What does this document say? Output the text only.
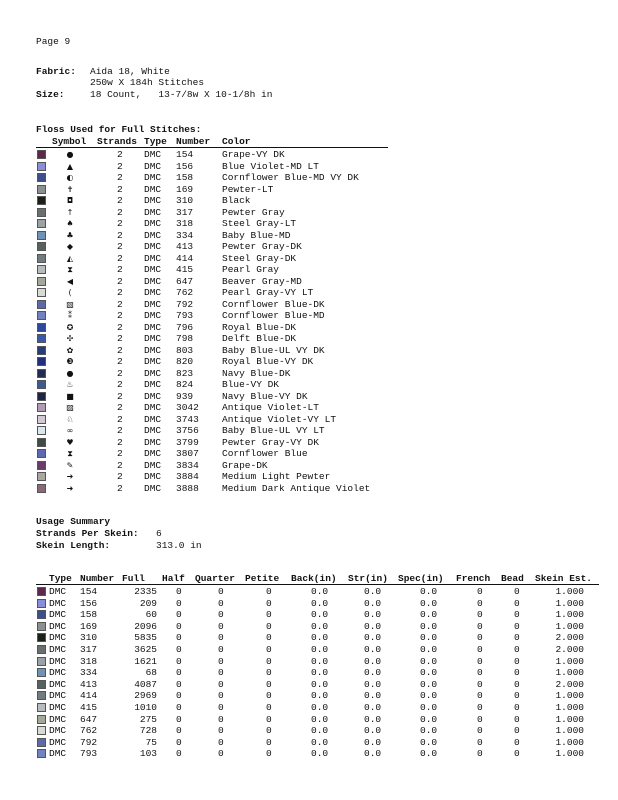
Page 9
Fabric: Aida 18, White
250w X 184h Stitches
Size:	18 Count,   13-7/8w X 10-1/8h in
Floss Used for Full Stitches:
Symbol Strands Type Number Color
●	2 DMC 154	Grape-VY DK
▲	2 DMC 156	Blue Violet-MD LT
◐	2 DMC 158	Cornflower Blue-MD VY DK
✝	2 DMC 169	Pewter-LT
◘	2 DMC 310	Black
↑	2 DMC 317	Pewter Gray
♠	2 DMC 318	Steel Gray-LT
♣	2 DMC 334	Baby Blue-MD
◆	2 DMC 413	Pewter Gray-DK
◭	2 DMC 414	Steel Gray-DK
⧗	2 DMC 415	Pearl Gray
◀	2 DMC 647	Beaver Gray-MD
(	2 DMC 762	Pearl Gray-VY LT
▧	2 DMC 792	Cornflower Blue-DK
⁑	2 DMC 793	Cornflower Blue-MD
✪	2 DMC 796	Royal Blue-DK
✣	2 DMC 798	Delft Blue-DK
✿	2 DMC 803	Baby Blue-UL VY DK
❸	2 DMC 820	Royal Blue-VY DK
●	2 DMC 823	Navy Blue-DK
♨	2 DMC 824	Blue-VY DK
■	2 DMC 939	Navy Blue-VY DK
▨	2 DMC 3042 Antique Violet-LT
♘	2 DMC 3743 Antique Violet-VY LT
∞	2 DMC 3756 Baby Blue-UL VY LT
♥	2 DMC 3799 Pewter Gray-VY DK
⧗	2 DMC 3807 Cornflower Blue
✎	2 DMC 3834 Grape-DK
➔	2 DMC 3884 Medium Light Pewter
➜	2 DMC 3888 Medium Dark Antique Violet
Usage Summary
Strands Per Skein: 6
Skein Length:	313.0 in
Type Number Full Half Quarter Petite Back(in) Str(in) Spec(in) French Bead Skein Est.
DMC 154	2335 0	0	0	0.0	0.0	0.0	0	0	1.000
DMC 156	209 0	0	0	0.0	0.0	0.0	0	0	1.000
DMC 158	60 0	0	0	0.0	0.0	0.0	0	0	1.000
DMC 169	2096 0	0	0	0.0	0.0	0.0	0	0	1.000
DMC 310	5835 0	0	0	0.0	0.0	0.0	0	0	2.000
DMC 317	3625 0	0	0	0.0	0.0	0.0	0	0	2.000
DMC 318	1621 0	0	0	0.0	0.0	0.0	0	0	1.000
DMC 334	68 0	0	0	0.0	0.0	0.0	0	0	1.000
DMC 413	4087 0	0	0	0.0	0.0	0.0	0	0	2.000
DMC 414	2969 0	0	0	0.0	0.0	0.0	0	0	1.000
DMC 415	1010 0	0	0	0.0	0.0	0.0	0	0	1.000
DMC 647	275 0	0	0	0.0	0.0	0.0	0	0	1.000
DMC 762	728 0	0	0	0.0	0.0	0.0	0	0	1.000
DMC 792	75 0	0	0	0.0	0.0	0.0	0	0	1.000
DMC 793	103 0	0	0	0.0	0.0	0.0	0	0	1.000
